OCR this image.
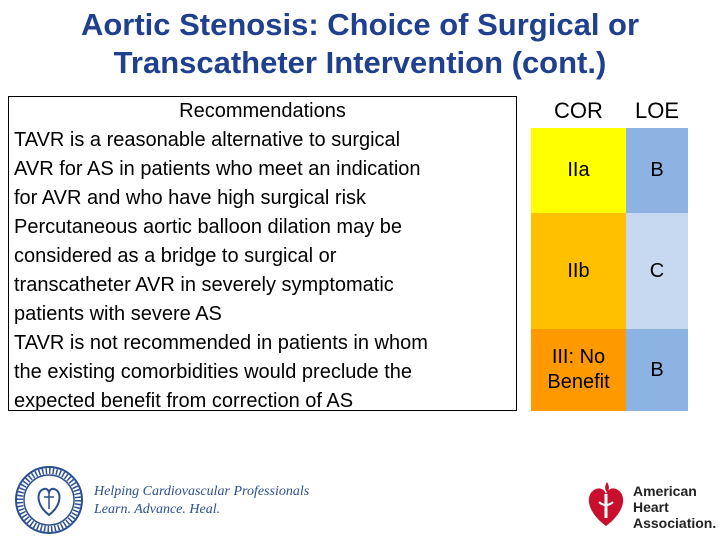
Aortic Stenosis: Choice of Surgical or
Transcatheter Intervention (cont.)
Recommendations
TAVR is a reasonable alternative to surgical
AVR for AS in patients who meet an indication
for AVR and who have high surgical risk
Percutaneous aortic balloon dilation may be
considered as a bridge to surgical or
transcatheter AVR in severely symptomatic
patients with severe AS
TAVR is not recommended in patients in whom
the existing comorbidities would preclude the
expected benefit from correction of AS
COR	LOE
IIa
IIb
III: No
Benefit
B
C
B
Helping Cardiovascular Professionals
Learn. Advance. Heal.
American
Heart
Association.
